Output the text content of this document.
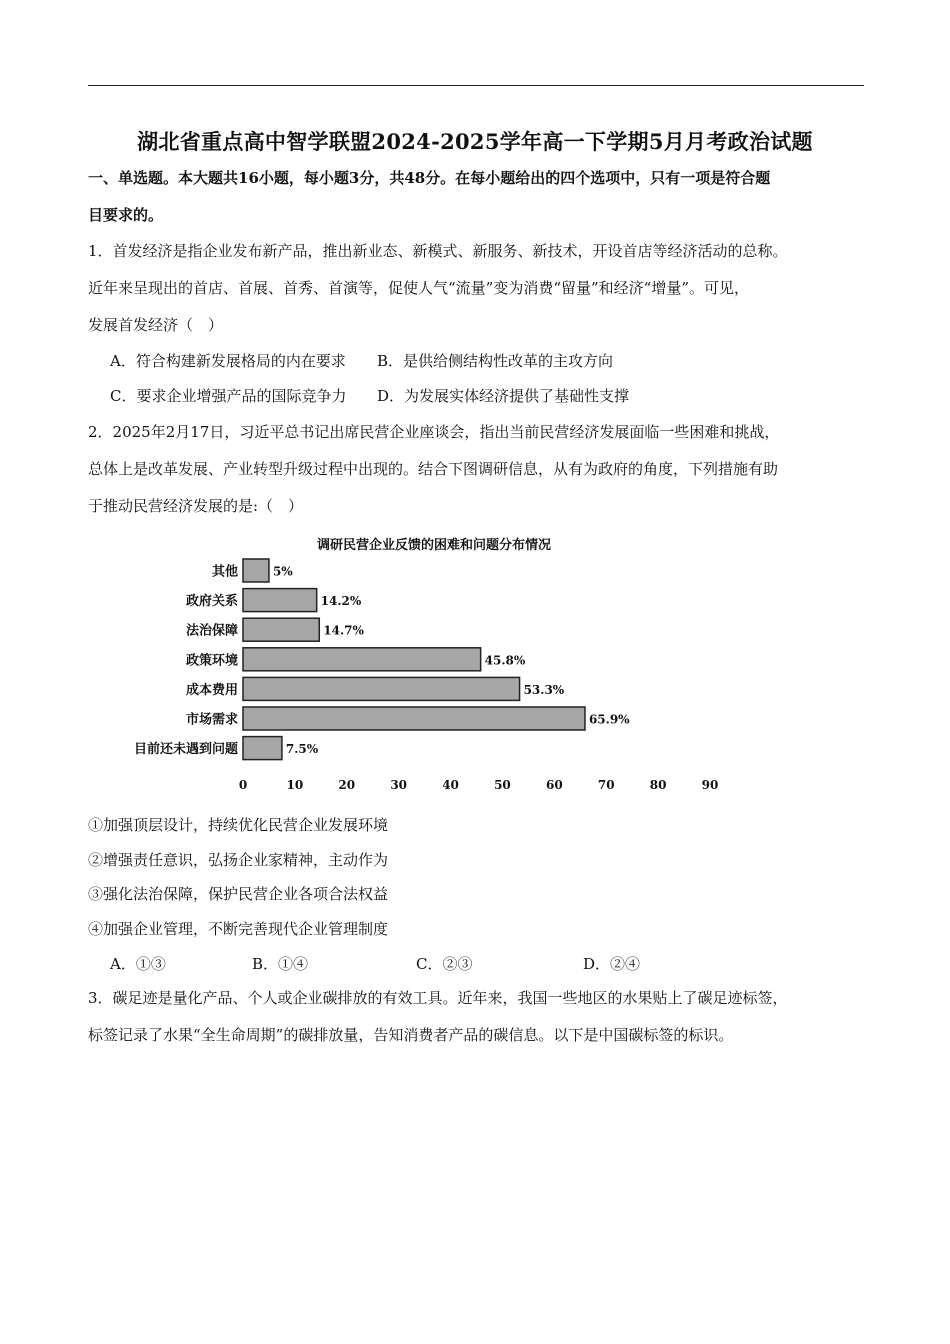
湖北省重点高中智学联盟2024-2025学年高一下学期5月月考政治试题
一、单选题。本大题共16小题，每小题3分，共48分。在每小题给出的四个选项中，只有一项是符合题
目要求的。
1．首发经济是指企业发布新产品，推出新业态、新模式、新服务、新技术，开设首店等经济活动的总称。
近年来呈现出的首店、首展、首秀、首演等，促使人气“流量”变为消费“留量”和经济“增量”。可见，
发展首发经济（　）
A．符合构建新发展格局的内在要求 B．是供给侧结构性改革的主攻方向
C．要求企业增强产品的国际竞争力 D．为发展实体经济提供了基础性支撑
2．2025年2月17日，习近平总书记出席民营企业座谈会，指出当前民营经济发展面临一些困难和挑战，
总体上是改革发展、产业转型升级过程中出现的。结合下图调研信息，从有为政府的角度，下列措施有助
于推动民营经济发展的是:（　）
调研民营企业反馈的困难和问题分布情况
其他	5%
政府关系	14.2%
法治保障	14.7%
政策环境	45.8%
成本费用	53.3%
市场需求	65.9%
目前还未遇到问题	7.5%
0	10	20	30	40	50	60	70	80	90
①加强顶层设计，持续优化民营企业发展环境
②增强责任意识，弘扬企业家精神，主动作为
③强化法治保障，保护民营企业各项合法权益
④加强企业管理，不断完善现代企业管理制度
A．①③	B．①④	C．②③	D．②④
3．碳足迹是量化产品、个人或企业碳排放的有效工具。近年来，我国一些地区的水果贴上了碳足迹标签，
标签记录了水果“全生命周期”的碳排放量，告知消费者产品的碳信息。以下是中国碳标签的标识。
